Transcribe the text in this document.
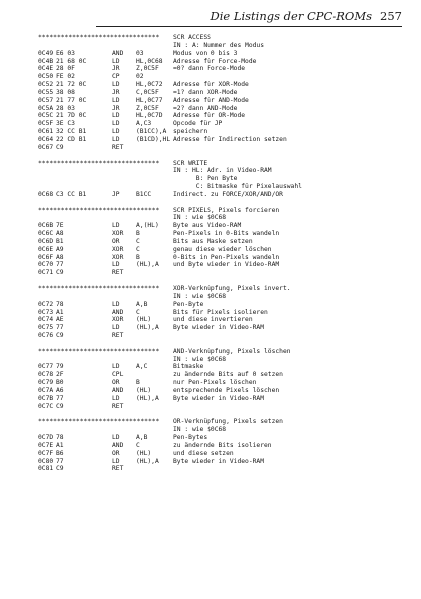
Die Listings der CPC-ROMs 257
******************************** SCR ACCESS
IN : A: Nummer des Modus
0C49 E6 03	AND 03	Modus von 0 bis 3
0C4B 21 68 0C	LD	HL,0C68 Adresse für Force-Mode
0C4E 28 0F	JR	Z,0C5F =0? dann Force-Mode
0C50 FE 02	CP	02
0C52 21 72 0C	LD	HL,0C72 Adresse für XOR-Mode
0C55 38 08	JR	C,0C5F =1? dann XOR-Mode
0C57 21 77 0C	LD	HL,0C77 Adresse für AND-Mode
0C5A 28 03	JR	Z,0C5F =2? dann AND-Mode
0C5C 21 7D 0C	LD	HL,0C7D Adresse für OR-Mode
0C5F 3E C3	LD	A,C3	Opcode für JP
0C61 32 CC B1	LD	(B1CC),A speichern
0C64 22 CD B1	LD	(B1CD),HL Adresse für Indirection setzen
0C67 C9	RET
******************************** SCR WRITE
IN : HL: Adr. in Video-RAM
B: Pen Byte
C: Bitmaske für Pixelauswahl
0C68 C3 CC B1	JP	B1CC	Indirect. zu FORCE/XOR/AND/OR
******************************** SCR PIXELS, Pixels forcieren
IN : wie $0C68
0C6B 7E	LD	A,(HL) Byte aus Video-RAM
0C6C A8	XOR B	Pen-Pixels in 0-Bits wandeln
0C6D B1	OR	C	Bits aus Maske setzen
0C6E A9	XOR C	genau diese wieder löschen
0C6F A8	XOR B	0-Bits in Pen-Pixels wandeln
0C70 77	LD	(HL),A und Byte wieder in Video-RAM
0C71 C9	RET
******************************** XOR-Verknüpfung, Pixels invert.
IN : wie $0C68
0C72 78	LD	A,B	Pen-Byte
0C73 A1	AND C	Bits für Pixels isolieren
0C74 AE	XOR (HL)	und diese invertieren
0C75 77	LD	(HL),A Byte wieder in Video-RAM
0C76 C9	RET
******************************** AND-Verknüpfung, Pixels löschen
IN : wie $0C68
0C77 79	LD	A,C	Bitmaske
0C78 2F	CPL	zu ändernde Bits auf 0 setzen
0C79 B0	OR	B	nur Pen-Pixels löschen
0C7A A6	AND (HL)	entsprechende Pixels löschen
0C7B 77	LD	(HL),A Byte wieder in Video-RAM
0C7C C9	RET
******************************** OR-Verknüpfung, Pixels setzen
IN : wie $0C68
0C7D 78	LD	A,B	Pen-Bytes
0C7E A1	AND C	zu ändernde Bits isolieren
0C7F B6	OR	(HL)	und diese setzen
0C80 77	LD	(HL),A Byte wieder in Video-RAM
0C81 C9	RET
